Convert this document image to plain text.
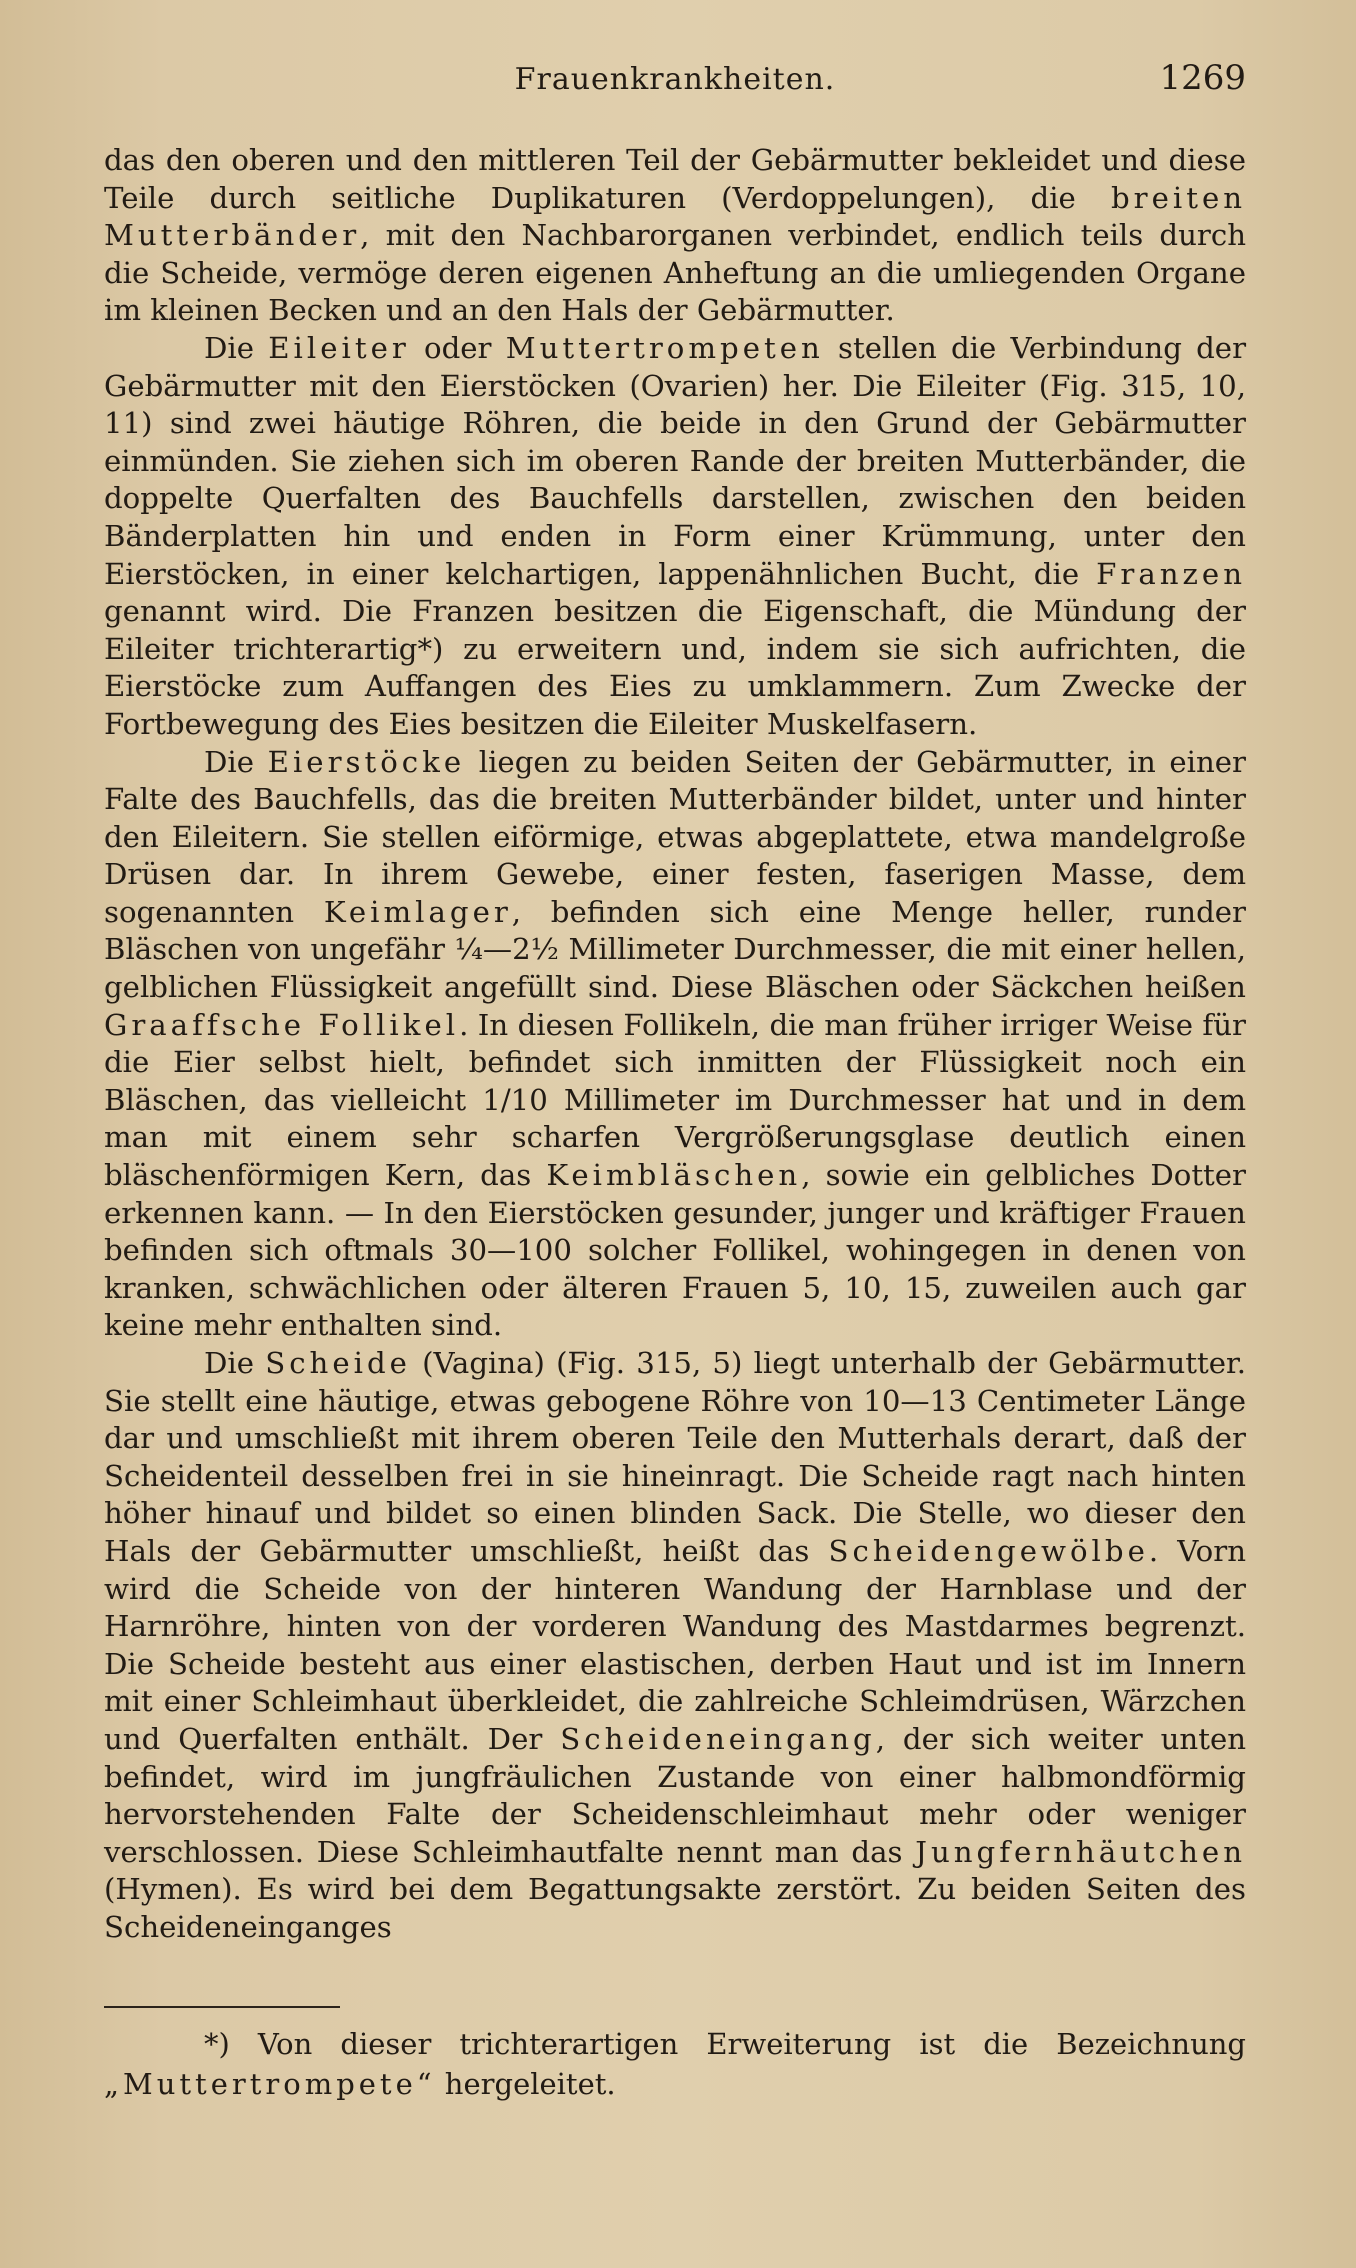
Frauenkrankheiten.	1269

das den oberen und den mittleren Teil der Gebärmutter bekleidet und diese Teile durch seitliche Duplikaturen (Verdoppelungen), die breiten Mutterbänder, mit den Nachbarorganen verbindet, endlich teils durch die Scheide, vermöge deren eigenen Anheftung an die umliegenden Organe im kleinen Becken und an den Hals der Gebärmutter.

Die Eileiter oder Muttertrompeten stellen die Verbindung der Gebärmutter mit den Eierstöcken (Ovarien) her. Die Eileiter (Fig. 315, 10, 11) sind zwei häutige Röhren, die beide in den Grund der Gebärmutter einmünden. Sie ziehen sich im oberen Rande der breiten Mutterbänder, die doppelte Querfalten des Bauchfells darstellen, zwischen den beiden Bänderplatten hin und enden in Form einer Krümmung, unter den Eierstöcken, in einer kelchartigen, lappenähnlichen Bucht, die Franzen genannt wird. Die Franzen besitzen die Eigenschaft, die Mündung der Eileiter trichterartig*) zu erweitern und, indem sie sich aufrichten, die Eierstöcke zum Auffangen des Eies zu umklammern. Zum Zwecke der Fortbewegung des Eies besitzen die Eileiter Muskelfasern.

Die Eierstöcke liegen zu beiden Seiten der Gebärmutter, in einer Falte des Bauchfells, das die breiten Mutterbänder bildet, unter und hinter den Eileitern. Sie stellen eiförmige, etwas abgeplattete, etwa mandelgroße Drüsen dar. In ihrem Gewebe, einer festen, faserigen Masse, dem sogenannten Keimlager, befinden sich eine Menge heller, runder Bläschen von ungefähr ¼—2½ Millimeter Durchmesser, die mit einer hellen, gelblichen Flüssigkeit angefüllt sind. Diese Bläschen oder Säckchen heißen Graaffsche Follikel. In diesen Follikeln, die man früher irriger Weise für die Eier selbst hielt, befindet sich inmitten der Flüssigkeit noch ein Bläschen, das vielleicht 1/10 Millimeter im Durchmesser hat und in dem man mit einem sehr scharfen Vergrößerungsglase deutlich einen bläschenförmigen Kern, das Keimbläschen, sowie ein gelbliches Dotter erkennen kann. — In den Eierstöcken gesunder, junger und kräftiger Frauen befinden sich oftmals 30—100 solcher Follikel, wohingegen in denen von kranken, schwächlichen oder älteren Frauen 5, 10, 15, zuweilen auch gar keine mehr enthalten sind.

Die Scheide (Vagina) (Fig. 315, 5) liegt unterhalb der Gebärmutter. Sie stellt eine häutige, etwas gebogene Röhre von 10—13 Centimeter Länge dar und umschließt mit ihrem oberen Teile den Mutterhals derart, daß der Scheidenteil desselben frei in sie hineinragt. Die Scheide ragt nach hinten höher hinauf und bildet so einen blinden Sack. Die Stelle, wo dieser den Hals der Gebärmutter umschließt, heißt das Scheidengewölbe. Vorn wird die Scheide von der hinteren Wandung der Harnblase und der Harnröhre, hinten von der vorderen Wandung des Mastdarmes begrenzt. Die Scheide besteht aus einer elastischen, derben Haut und ist im Innern mit einer Schleimhaut überkleidet, die zahlreiche Schleimdrüsen, Wärzchen und Querfalten enthält. Der Scheideneingang, der sich weiter unten befindet, wird im jungfräulichen Zustande von einer halbmondförmig hervorstehenden Falte der Scheidenschleimhaut mehr oder weniger verschlossen. Diese Schleimhautfalte nennt man das Jungfernhäutchen (Hymen). Es wird bei dem Begattungsakte zerstört. Zu beiden Seiten des Scheideneinganges

*) Von dieser trichterartigen Erweiterung ist die Bezeichnung „Muttertrompete“ hergeleitet.
